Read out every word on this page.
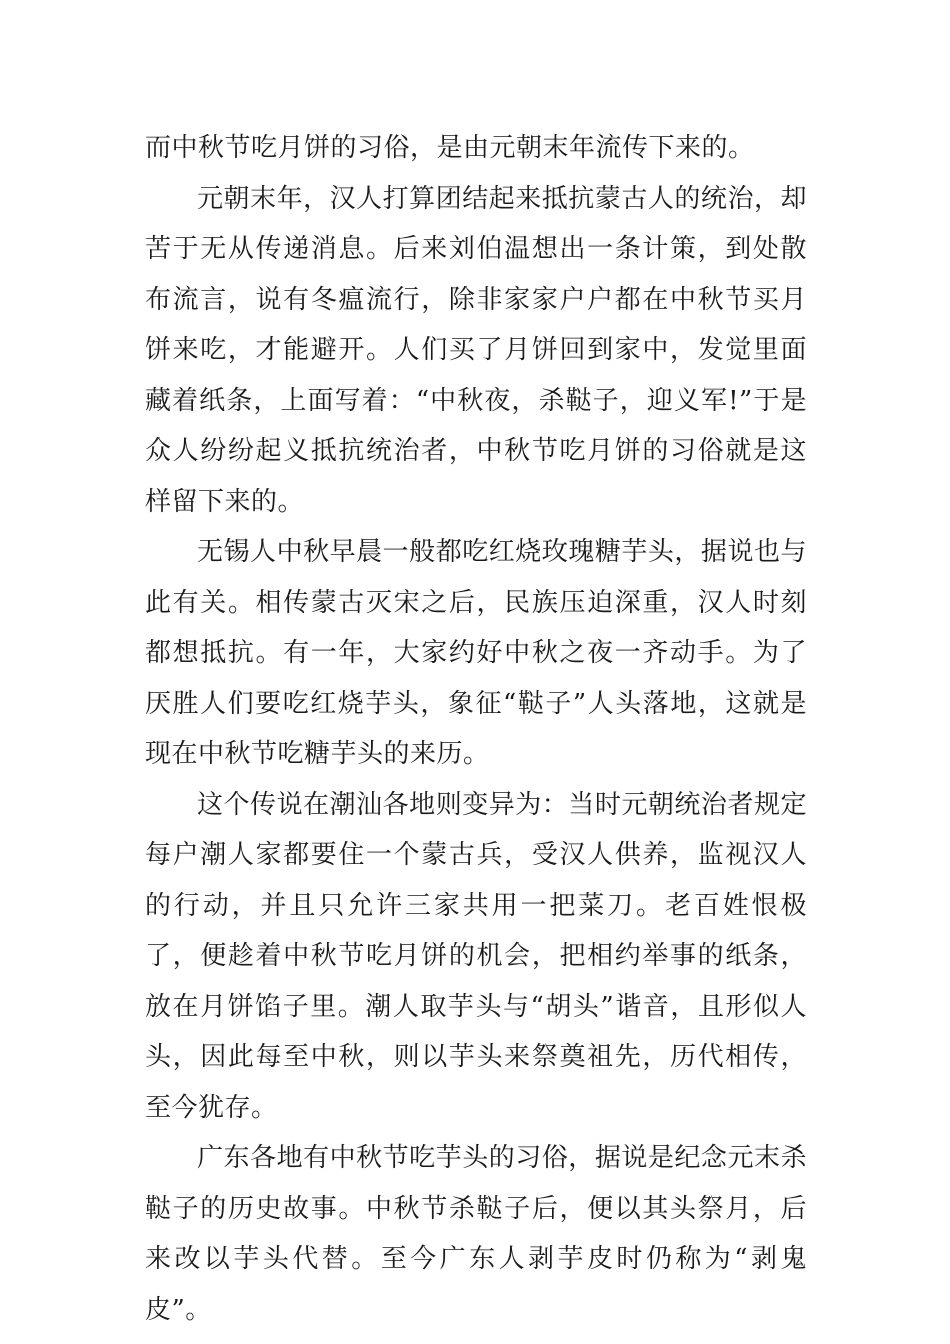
而中秋节吃月饼的习俗，是由元朝末年流传下来的。

元朝末年，汉人打算团结起来抵抗蒙古人的统治，却苦于无从传递消息。后来刘伯温想出一条计策，到处散布流言，说有冬瘟流行，除非家家户户都在中秋节买月饼来吃，才能避开。人们买了月饼回到家中，发觉里面藏着纸条，上面写着：“中秋夜，杀鞑子，迎义军!”于是众人纷纷起义抵抗统治者，中秋节吃月饼的习俗就是这样留下来的。

无锡人中秋早晨一般都吃红烧玫瑰糖芋头，据说也与此有关。相传蒙古灭宋之后，民族压迫深重，汉人时刻都想抵抗。有一年，大家约好中秋之夜一齐动手。为了厌胜人们要吃红烧芋头，象征“鞑子”人头落地，这就是现在中秋节吃糖芋头的来历。

这个传说在潮汕各地则变异为：当时元朝统治者规定每户潮人家都要住一个蒙古兵，受汉人供养，监视汉人的行动，并且只允许三家共用一把菜刀。老百姓恨极了，便趁着中秋节吃月饼的机会，把相约举事的纸条，放在月饼馅子里。潮人取芋头与“胡头”谐音，且形似人头，因此每至中秋，则以芋头来祭奠祖先，历代相传，至今犹存。

广东各地有中秋节吃芋头的习俗，据说是纪念元末杀鞑子的历史故事。中秋节杀鞑子后，便以其头祭月，后来改以芋头代替。至今广东人剥芋皮时仍称为“剥鬼皮”。
